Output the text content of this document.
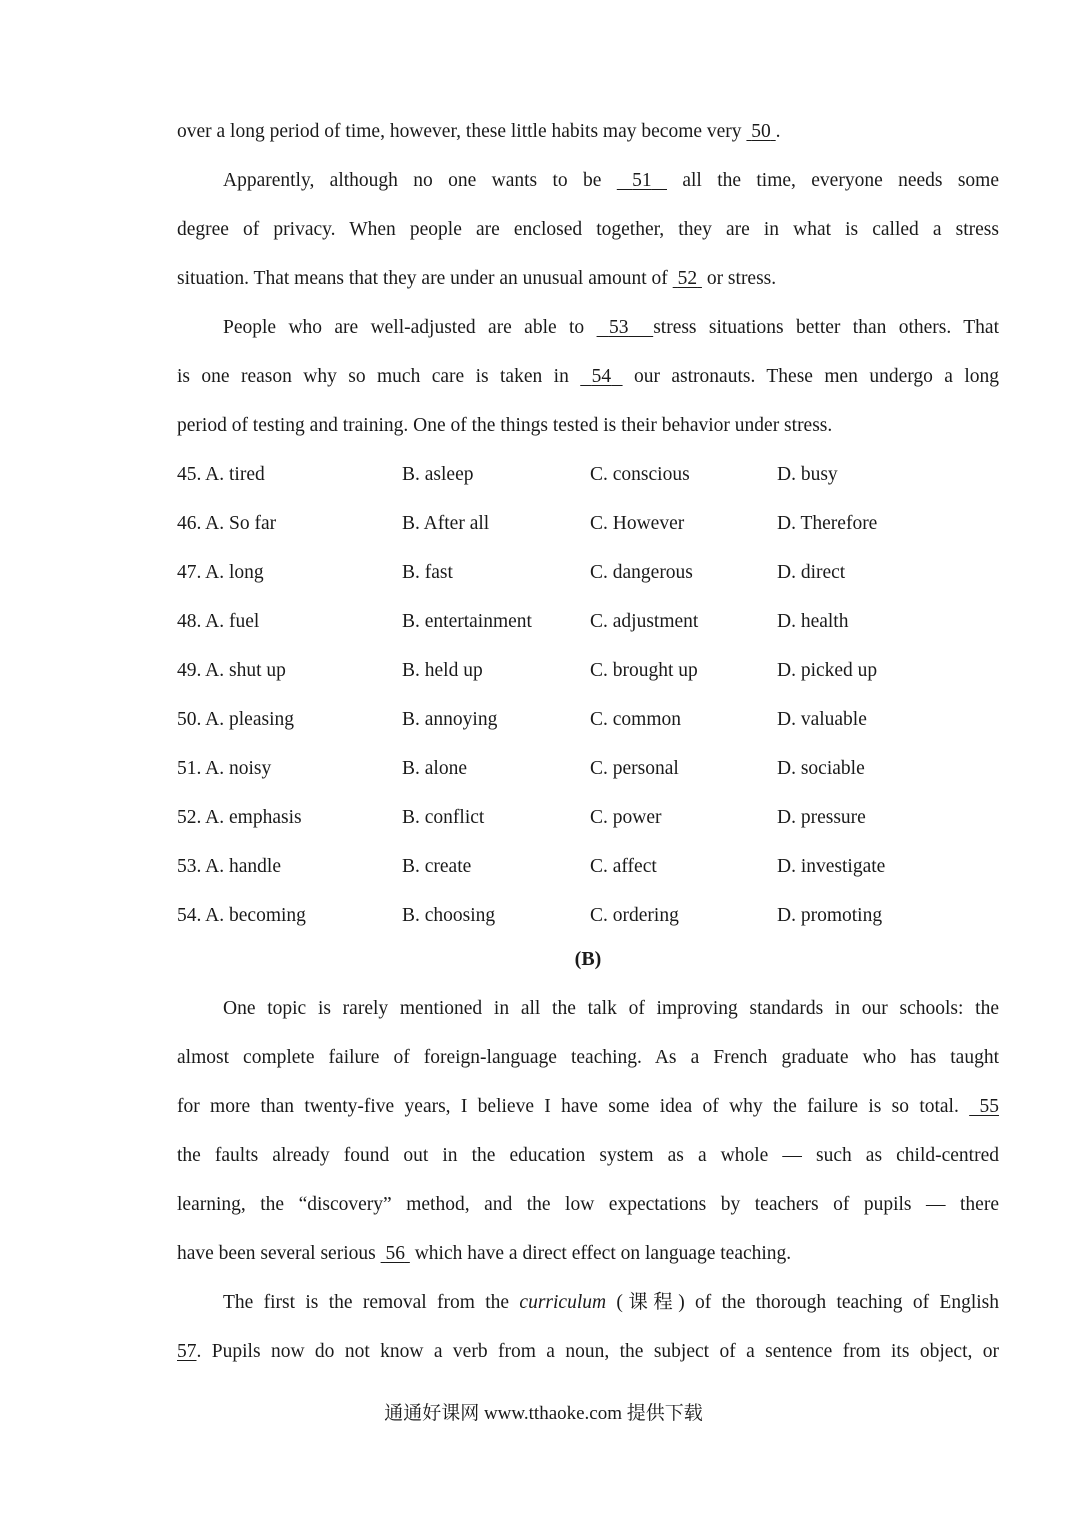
over a long period of time, however, these little habits may become very  50 .
Apparently, although no one wants to be  51  all the time, everyone needs some
degree of privacy. When people are enclosed together, they are in what is called a stress
situation. That means that they are under an unusual amount of  52  or stress.
People who are well-adjusted are able to  53 stress situations better than others. That
is one reason why so much care is taken in  54  our astronauts. These men undergo a long
period of testing and training. One of the things tested is their behavior under stress.
45. A. tired	B. asleep	C. conscious	D. busy
46. A. So far	B. After all	C. However	D. Therefore
47. A. long	B. fast	C. dangerous	D. direct
48. A. fuel	B. entertainment	C. adjustment	D. health
49. A. shut up	B. held up	C. brought up	D. picked up
50. A. pleasing	B. annoying	C. common	D. valuable
51. A. noisy	B. alone	C. personal	D. sociable
52. A. emphasis	B. conflict	C. power	D. pressure
53. A. handle	B. create	C. affect	D. investigate
54. A. becoming	B. choosing	C. ordering	D. promoting
(B)
One topic is rarely mentioned in all the talk of improving standards in our schools: the
almost complete failure of foreign-language teaching. As a French graduate who has taught
for more than twenty-five years, I believe I have some idea of why the failure is so total.  55
the faults already found out in the education system as a whole — such as child-centred
learning, the “discovery” method, and the low expectations by teachers of pupils — there
have been several serious  56  which have a direct effect on language teaching.
The first is the removal from the curriculum (课程) of the thorough teaching of English
57. Pupils now do not know a verb from a noun, the subject of a sentence from its object, or
通通好课网 www.tthaoke.com 提供下载
